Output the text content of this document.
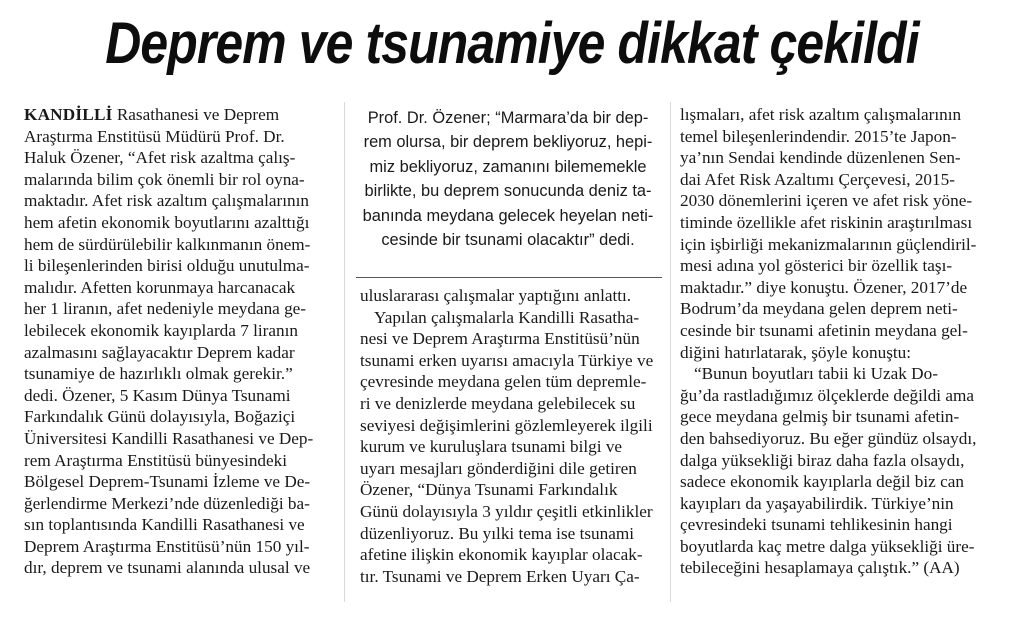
Deprem ve tsunamiye dikkat çekildi
KANDİLLİ Rasathanesi ve Deprem
Araştırma Enstitüsü Müdürü Prof. Dr.
Haluk Özener, “Afet risk azaltma çalış-
malarında bilim çok önemli bir rol oyna-
maktadır. Afet risk azaltım çalışmalarının
hem afetin ekonomik boyutlarını azalttığı
hem de sürdürülebilir kalkınmanın önem-
li bileşenlerinden birisi olduğu unutulma-
malıdır. Afetten korunmaya harcanacak
her 1 liranın, afet nedeniyle meydana ge-
lebilecek ekonomik kayıplarda 7 liranın
azalmasını sağlayacaktır Deprem kadar
tsunamiye de hazırlıklı olmak gerekir.”
dedi. Özener, 5 Kasım Dünya Tsunami
Farkındalık Günü dolayısıyla, Boğaziçi
Üniversitesi Kandilli Rasathanesi ve Dep-
rem Araştırma Enstitüsü bünyesindeki
Bölgesel Deprem-Tsunami İzleme ve De-
ğerlendirme Merkezi’nde düzenlediği ba-
sın toplantısında Kandilli Rasathanesi ve
Deprem Araştırma Enstitüsü’nün 150 yıl-
dır, deprem ve tsunami alanında ulusal ve
Prof. Dr. Özener; “Marmara’da bir dep-
rem olursa, bir deprem bekliyoruz, hepi-
miz bekliyoruz, zamanını bilememekle
birlikte, bu deprem sonucunda deniz ta-
banında meydana gelecek heyelan neti-
cesinde bir tsunami olacaktır” dedi.
uluslararası çalışmalar yaptığını anlattı.
Yapılan çalışmalarla Kandilli Rasatha-
nesi ve Deprem Araştırma Enstitüsü’nün
tsunami erken uyarısı amacıyla Türkiye ve
çevresinde meydana gelen tüm depremle-
ri ve denizlerde meydana gelebilecek su
seviyesi değişimlerini gözlemleyerek ilgili
kurum ve kuruluşlara tsunami bilgi ve
uyarı mesajları gönderdiğini dile getiren
Özener, “Dünya Tsunami Farkındalık
Günü dolayısıyla 3 yıldır çeşitli etkinlikler
düzenliyoruz. Bu yılki tema ise tsunami
afetine ilişkin ekonomik kayıplar olacak-
tır. Tsunami ve Deprem Erken Uyarı Ça-
lışmaları, afet risk azaltım çalışmalarının
temel bileşenlerindendir. 2015’te Japon-
ya’nın Sendai kendinde düzenlenen Sen-
dai Afet Risk Azaltımı Çerçevesi, 2015-
2030 dönemlerini içeren ve afet risk yöne-
timinde özellikle afet riskinin araştırılması
için işbirliği mekanizmalarının güçlendiril-
mesi adına yol gösterici bir özellik taşı-
maktadır.” diye konuştu. Özener, 2017’de
Bodrum’da meydana gelen deprem neti-
cesinde bir tsunami afetinin meydana gel-
diğini hatırlatarak, şöyle konuştu:
“Bunun boyutları tabii ki Uzak Do-
ğu’da rastladığımız ölçeklerde değildi ama
gece meydana gelmiş bir tsunami afetin-
den bahsediyoruz. Bu eğer gündüz olsaydı,
dalga yüksekliği biraz daha fazla olsaydı,
sadece ekonomik kayıplarla değil biz can
kayıpları da yaşayabilirdik. Türkiye’nin
çevresindeki tsunami tehlikesinin hangi
boyutlarda kaç metre dalga yüksekliği üre-
tebileceğini hesaplamaya çalıştık.” (AA)
